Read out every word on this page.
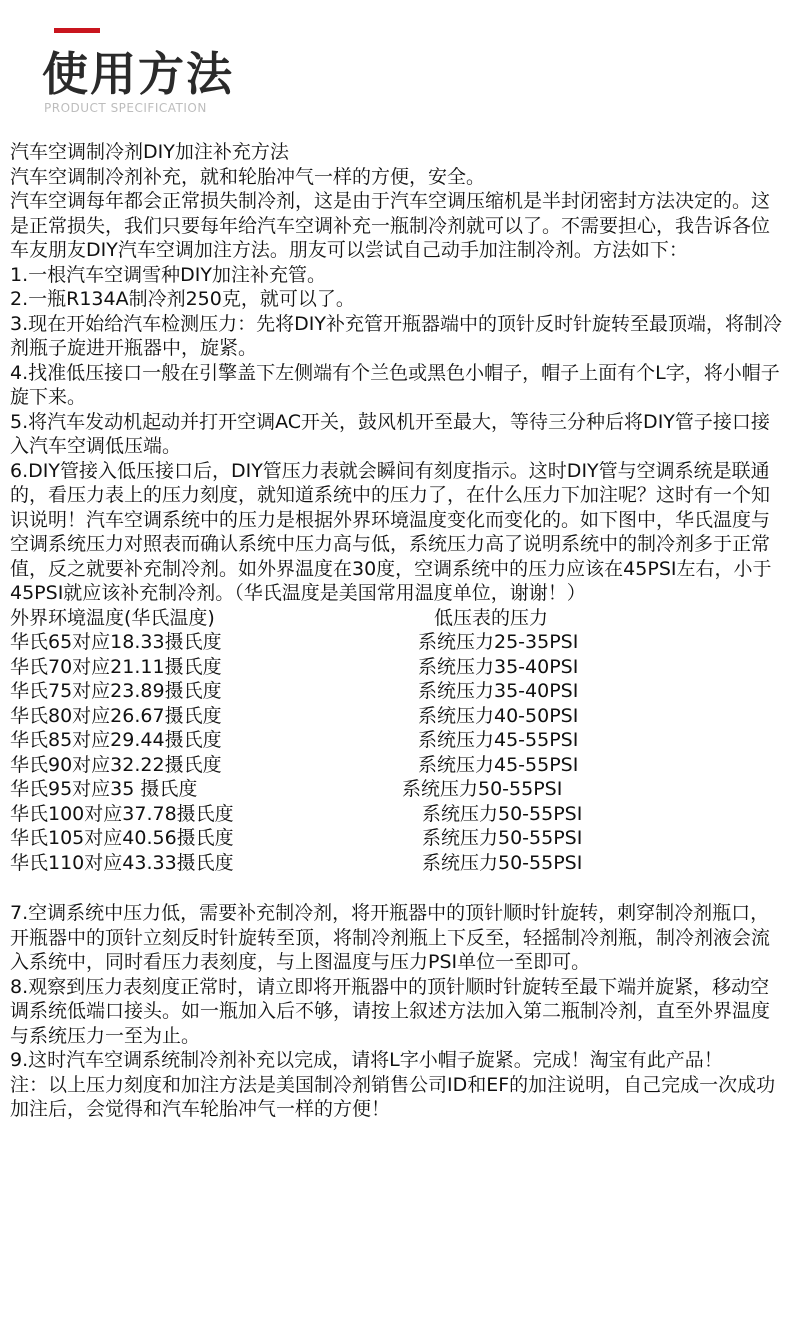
使用方法
PRODUCT SPECIFICATION

汽车空调制冷剂DIY加注补充方法

汽车空调制冷剂补充，就和轮胎冲气一样的方便，安全。

汽车空调每年都会正常损失制冷剂，这是由于汽车空调压缩机是半封闭密封方法决定的。这是正常损失，我们只要每年给汽车空调补充一瓶制冷剂就可以了。不需要担心，我告诉各位车友朋友DIY汽车空调加注方法。朋友可以尝试自己动手加注制冷剂。方法如下：

1.一根汽车空调雪种DIY加注补充管。

2.一瓶R134A制冷剂250克，就可以了。

3.现在开始给汽车检测压力：先将DIY补充管开瓶器端中的顶针反时针旋转至最顶端，将制冷剂瓶子旋进开瓶器中，旋紧。

4.找准低压接口一般在引擎盖下左侧端有个兰色或黑色小帽子，帽子上面有个L字，将小帽子旋下来。

5.将汽车发动机起动并打开空调AC开关，鼓风机开至最大，等待三分种后将DIY管子接口接入汽车空调低压端。

6.DIY管接入低压接口后，DIY管压力表就会瞬间有刻度指示。这时DIY管与空调系统是联通的，看压力表上的压力刻度，就知道系统中的压力了，在什么压力下加注呢？这时有一个知识说明！汽车空调系统中的压力是根据外界环境温度变化而变化的。如下图中，华氏温度与空调系统压力对照表而确认系统中压力高与低，系统压力高了说明系统中的制冷剂多于正常值，反之就要补充制冷剂。如外界温度在30度，空调系统中的压力应该在45PSI左右，小于45PSI就应该补充制冷剂。（华氏温度是美国常用温度单位，谢谢！）

外界环境温度(华氏温度)	低压表的压力
华氏65对应18.33摄氏度	系统压力25-35PSI
华氏70对应21.11摄氏度	系统压力35-40PSI
华氏75对应23.89摄氏度	系统压力35-40PSI
华氏80对应26.67摄氏度	系统压力40-50PSI
华氏85对应29.44摄氏度	系统压力45-55PSI
华氏90对应32.22摄氏度	系统压力45-55PSI
华氏95对应35 摄氏度	系统压力50-55PSI
华氏100对应37.78摄氏度	系统压力50-55PSI
华氏105对应40.56摄氏度	系统压力50-55PSI
华氏110对应43.33摄氏度	系统压力50-55PSI

7.空调系统中压力低，需要补充制冷剂，将开瓶器中的顶针顺时针旋转，刺穿制冷剂瓶口，开瓶器中的顶针立刻反时针旋转至顶，将制冷剂瓶上下反至，轻摇制冷剂瓶，制冷剂液会流入系统中，同时看压力表刻度，与上图温度与压力PSI单位一至即可。

8.观察到压力表刻度正常时，请立即将开瓶器中的顶针顺时针旋转至最下端并旋紧，移动空调系统低端口接头。如一瓶加入后不够，请按上叙述方法加入第二瓶制冷剂，直至外界温度与系统压力一至为止。

9.这时汽车空调系统制冷剂补充以完成，请将L字小帽子旋紧。完成！淘宝有此产品！

注：以上压力刻度和加注方法是美国制冷剂销售公司ID和EF的加注说明，自己完成一次成功加注后，会觉得和汽车轮胎冲气一样的方便！
